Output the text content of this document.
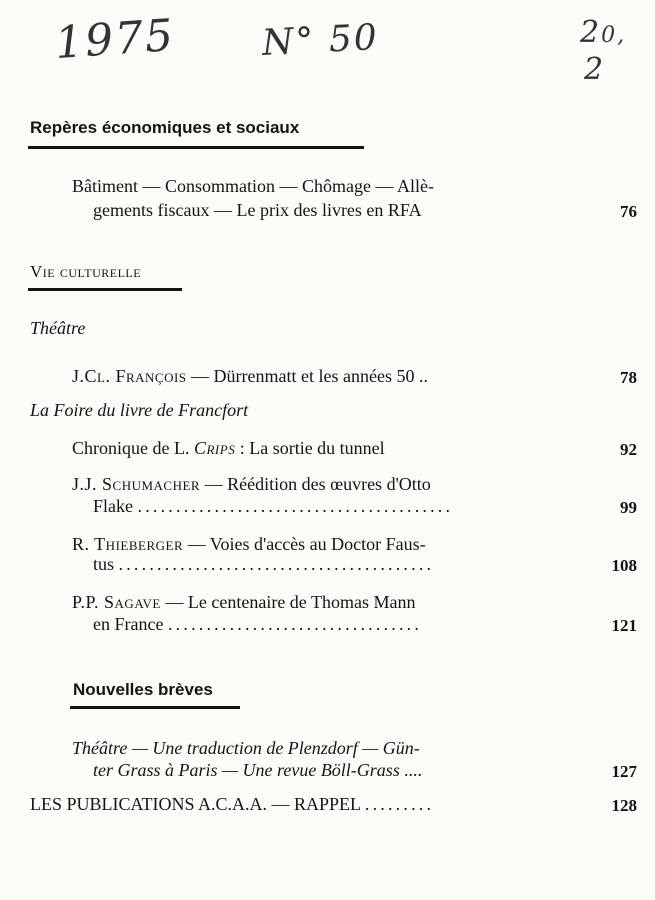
1975 N° 50	20,
2
Repères économiques et sociaux
Bâtiment — Consommation — Chômage — Allè-
gements fiscaux — Le prix des livres en RFA	76
Vie culturelle
Théâtre
J.Cl. François — Dürrenmatt et les années 50 ..	78
La Foire du livre de Francfort
Chronique de L. Crips : La sortie du tunnel	92
J.J. Schumacher — Réédition des œuvres d'Otto
Flake .........................................	99
R. Thieberger — Voies d'accès au Doctor Faus-
tus .........................................	108
P.P. Sagave — Le centenaire de Thomas Mann
en France .................................	121
Nouvelles brèves
Théâtre — Une traduction de Plenzdorf — Gün-
ter Grass à Paris — Une revue Böll-Grass ....	127
LES PUBLICATIONS A.C.A.A. — RAPPEL .........	128
